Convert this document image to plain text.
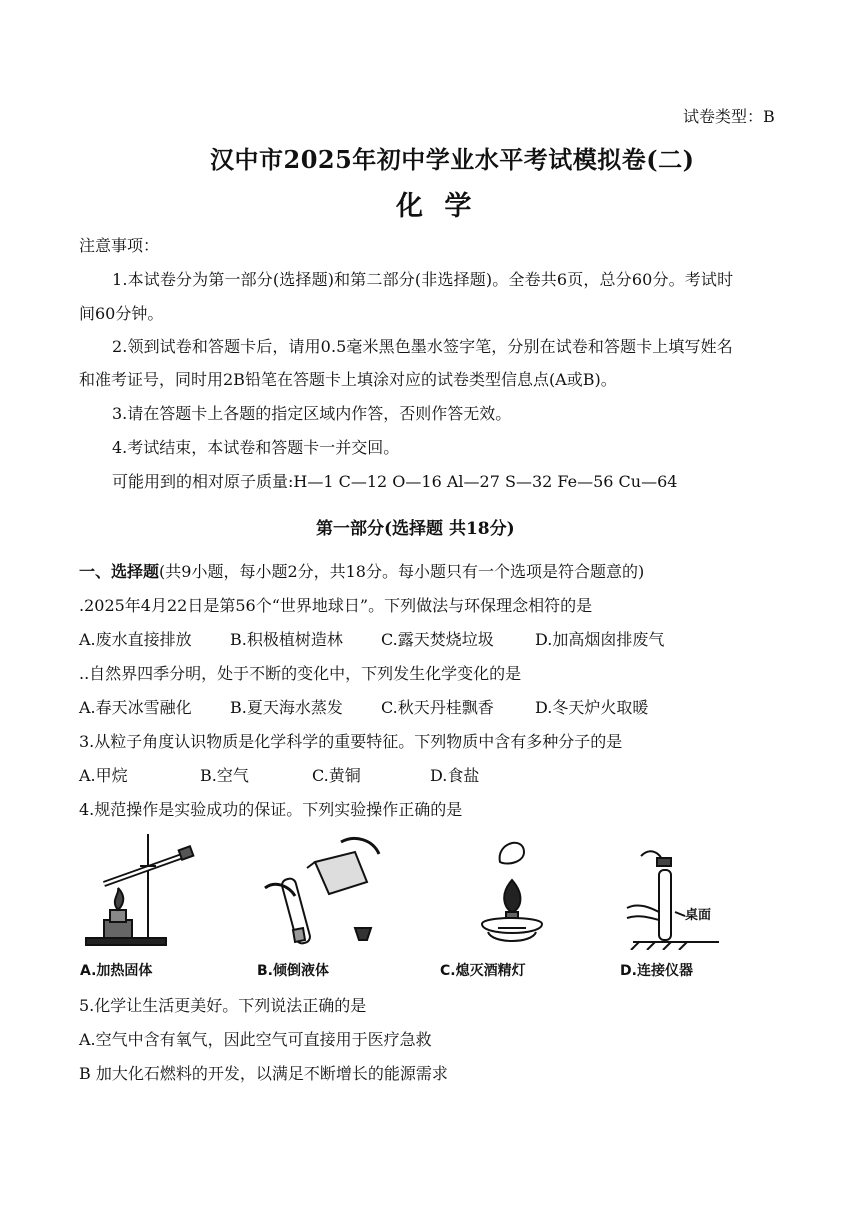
试卷类型：B
汉中市2025年初中学业水平考试模拟卷(二)
化 学
注意事项：
1.本试卷分为第一部分(选择题)和第二部分(非选择题)。全卷共6页，总分60分。考试时
间60分钟。
2.领到试卷和答题卡后，请用0.5毫米黑色墨水签字笔，分别在试卷和答题卡上填写姓名
和准考证号，同时用2B铅笔在答题卡上填涂对应的试卷类型信息点(A或B)。
3.请在答题卡上各题的指定区域内作答，否则作答无效。
4.考试结束，本试卷和答题卡一并交回。
可能用到的相对原子质量:H—1 C—12 O—16 Al—27 S—32 Fe—56 Cu—64
第一部分(选择题 共18分)
一、选择题(共9小题，每小题2分，共18分。每小题只有一个选项是符合题意的)
.2025年4月22日是第56个“世界地球日”。下列做法与环保理念相符的是
A.废水直接排放 B.积极植树造林 C.露天焚烧垃圾	D.加高烟囱排废气
..自然界四季分明，处于不断的变化中，下列发生化学变化的是
A.春天冰雪融化 B.夏天海水蒸发 C.秋天丹桂飘香	D.冬天炉火取暖
3.从粒子角度认识物质是化学科学的重要特征。下列物质中含有多种分子的是
A.甲烷	B.空气	C.黄铜	D.食盐
4.规范操作是实验成功的保证。下列实验操作正确的是
A.加热固体	B.倾倒液体	C.熄灭酒精灯
桌面
D.连接仪器
5.化学让生活更美好。下列说法正确的是
A.空气中含有氧气，因此空气可直接用于医疗急救
B 加大化石燃料的开发，以满足不断增长的能源需求
